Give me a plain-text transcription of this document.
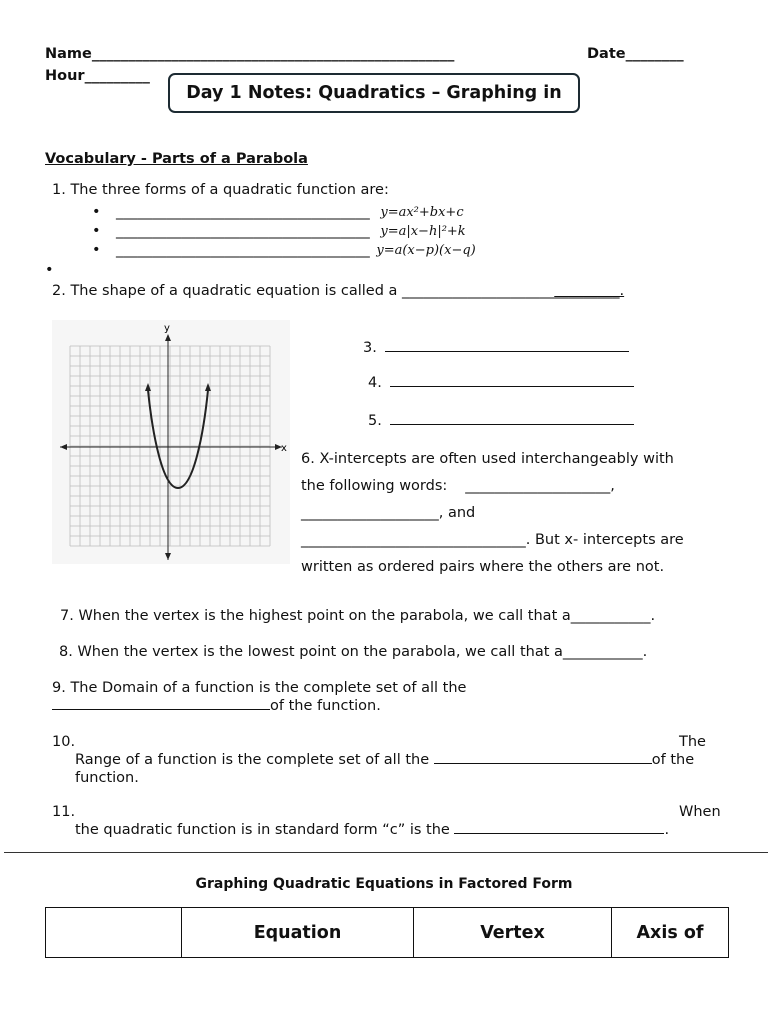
Name__________________________________________________	Date________
Hour_________
Day 1 Notes: Quadratics – Graphing in
Vocabulary - Parts of a Parabola
1. The three forms of a quadratic function are:
• ___________________________________ y=ax²+bx+c
• ___________________________________ y=a|x−h|²+k
• ___________________________________ y=a(x−p)(x−q)
•
2. The shape of a quadratic equation is called a ______________________________.
x
y
3.
4.
5.
6. X-intercepts are often used interchangeably with
the following words: ____________________,
___________________, and
_______________________________. But x- intercepts are
written as ordered pairs where the others are not.
7. When the vertex is the highest point on the parabola, we call that a___________.
8. When the vertex is the lowest point on the parabola, we call that a___________.
9. The Domain of a function is the complete set of all the
of the function.
10.	The
Range of a function is the complete set of all the	of the
function.
11.	When
the quadratic function is in standard form “c” is the	.
Graphing Quadratic Equations in Factored Form
	Equation	Vertex	Axis of
